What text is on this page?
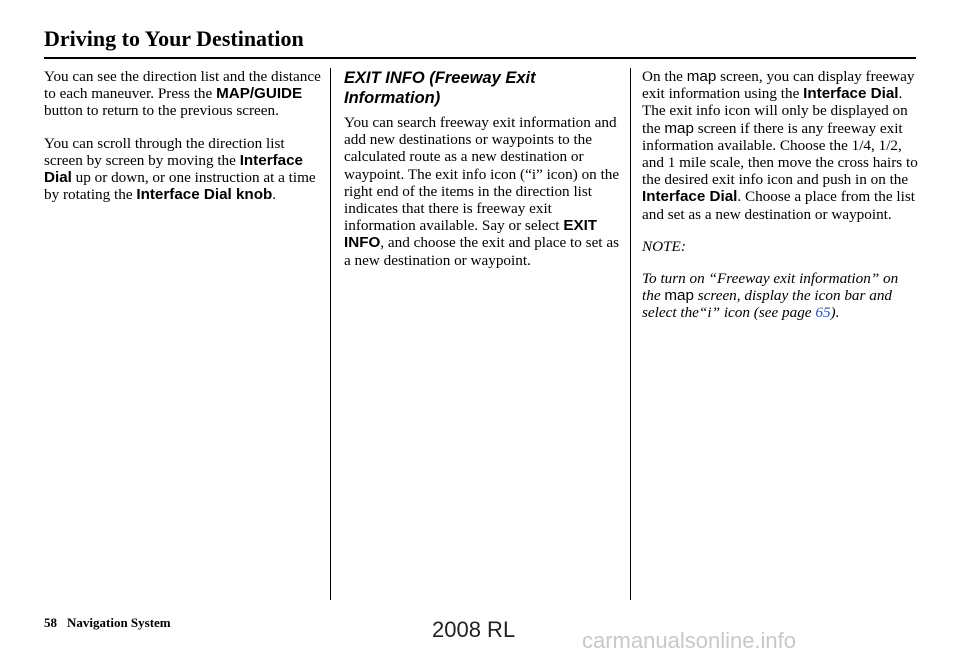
Driving to Your Destination

You can see the direction list and the distance to each maneuver. Press the MAP/GUIDE button to return to the previous screen.

You can scroll through the direction list screen by screen by moving the Interface Dial up or down, or one instruction at a time by rotating the Interface Dial knob.

EXIT INFO (Freeway Exit Information)

You can search freeway exit information and add new destinations or waypoints to the calculated route as a new destination or waypoint. The exit info icon (“i” icon) on the right end of the items in the direction list indicates that there is freeway exit information available. Say or select EXIT INFO, and choose the exit and place to set as a new destination or waypoint.

On the map screen, you can display freeway exit information using the Interface Dial. The exit info icon will only be displayed on the map screen if there is any freeway exit information available. Choose the 1/4, 1/2, and 1 mile scale, then move the cross hairs to the desired exit info icon and push in on the Interface Dial. Choose a place from the list and set as a new destination or waypoint.

NOTE:

To turn on “Freeway exit information” on the map screen, display the icon bar and select the“i” icon (see page 65).

58 Navigation System	2008 RL	carmanualsonline.info
